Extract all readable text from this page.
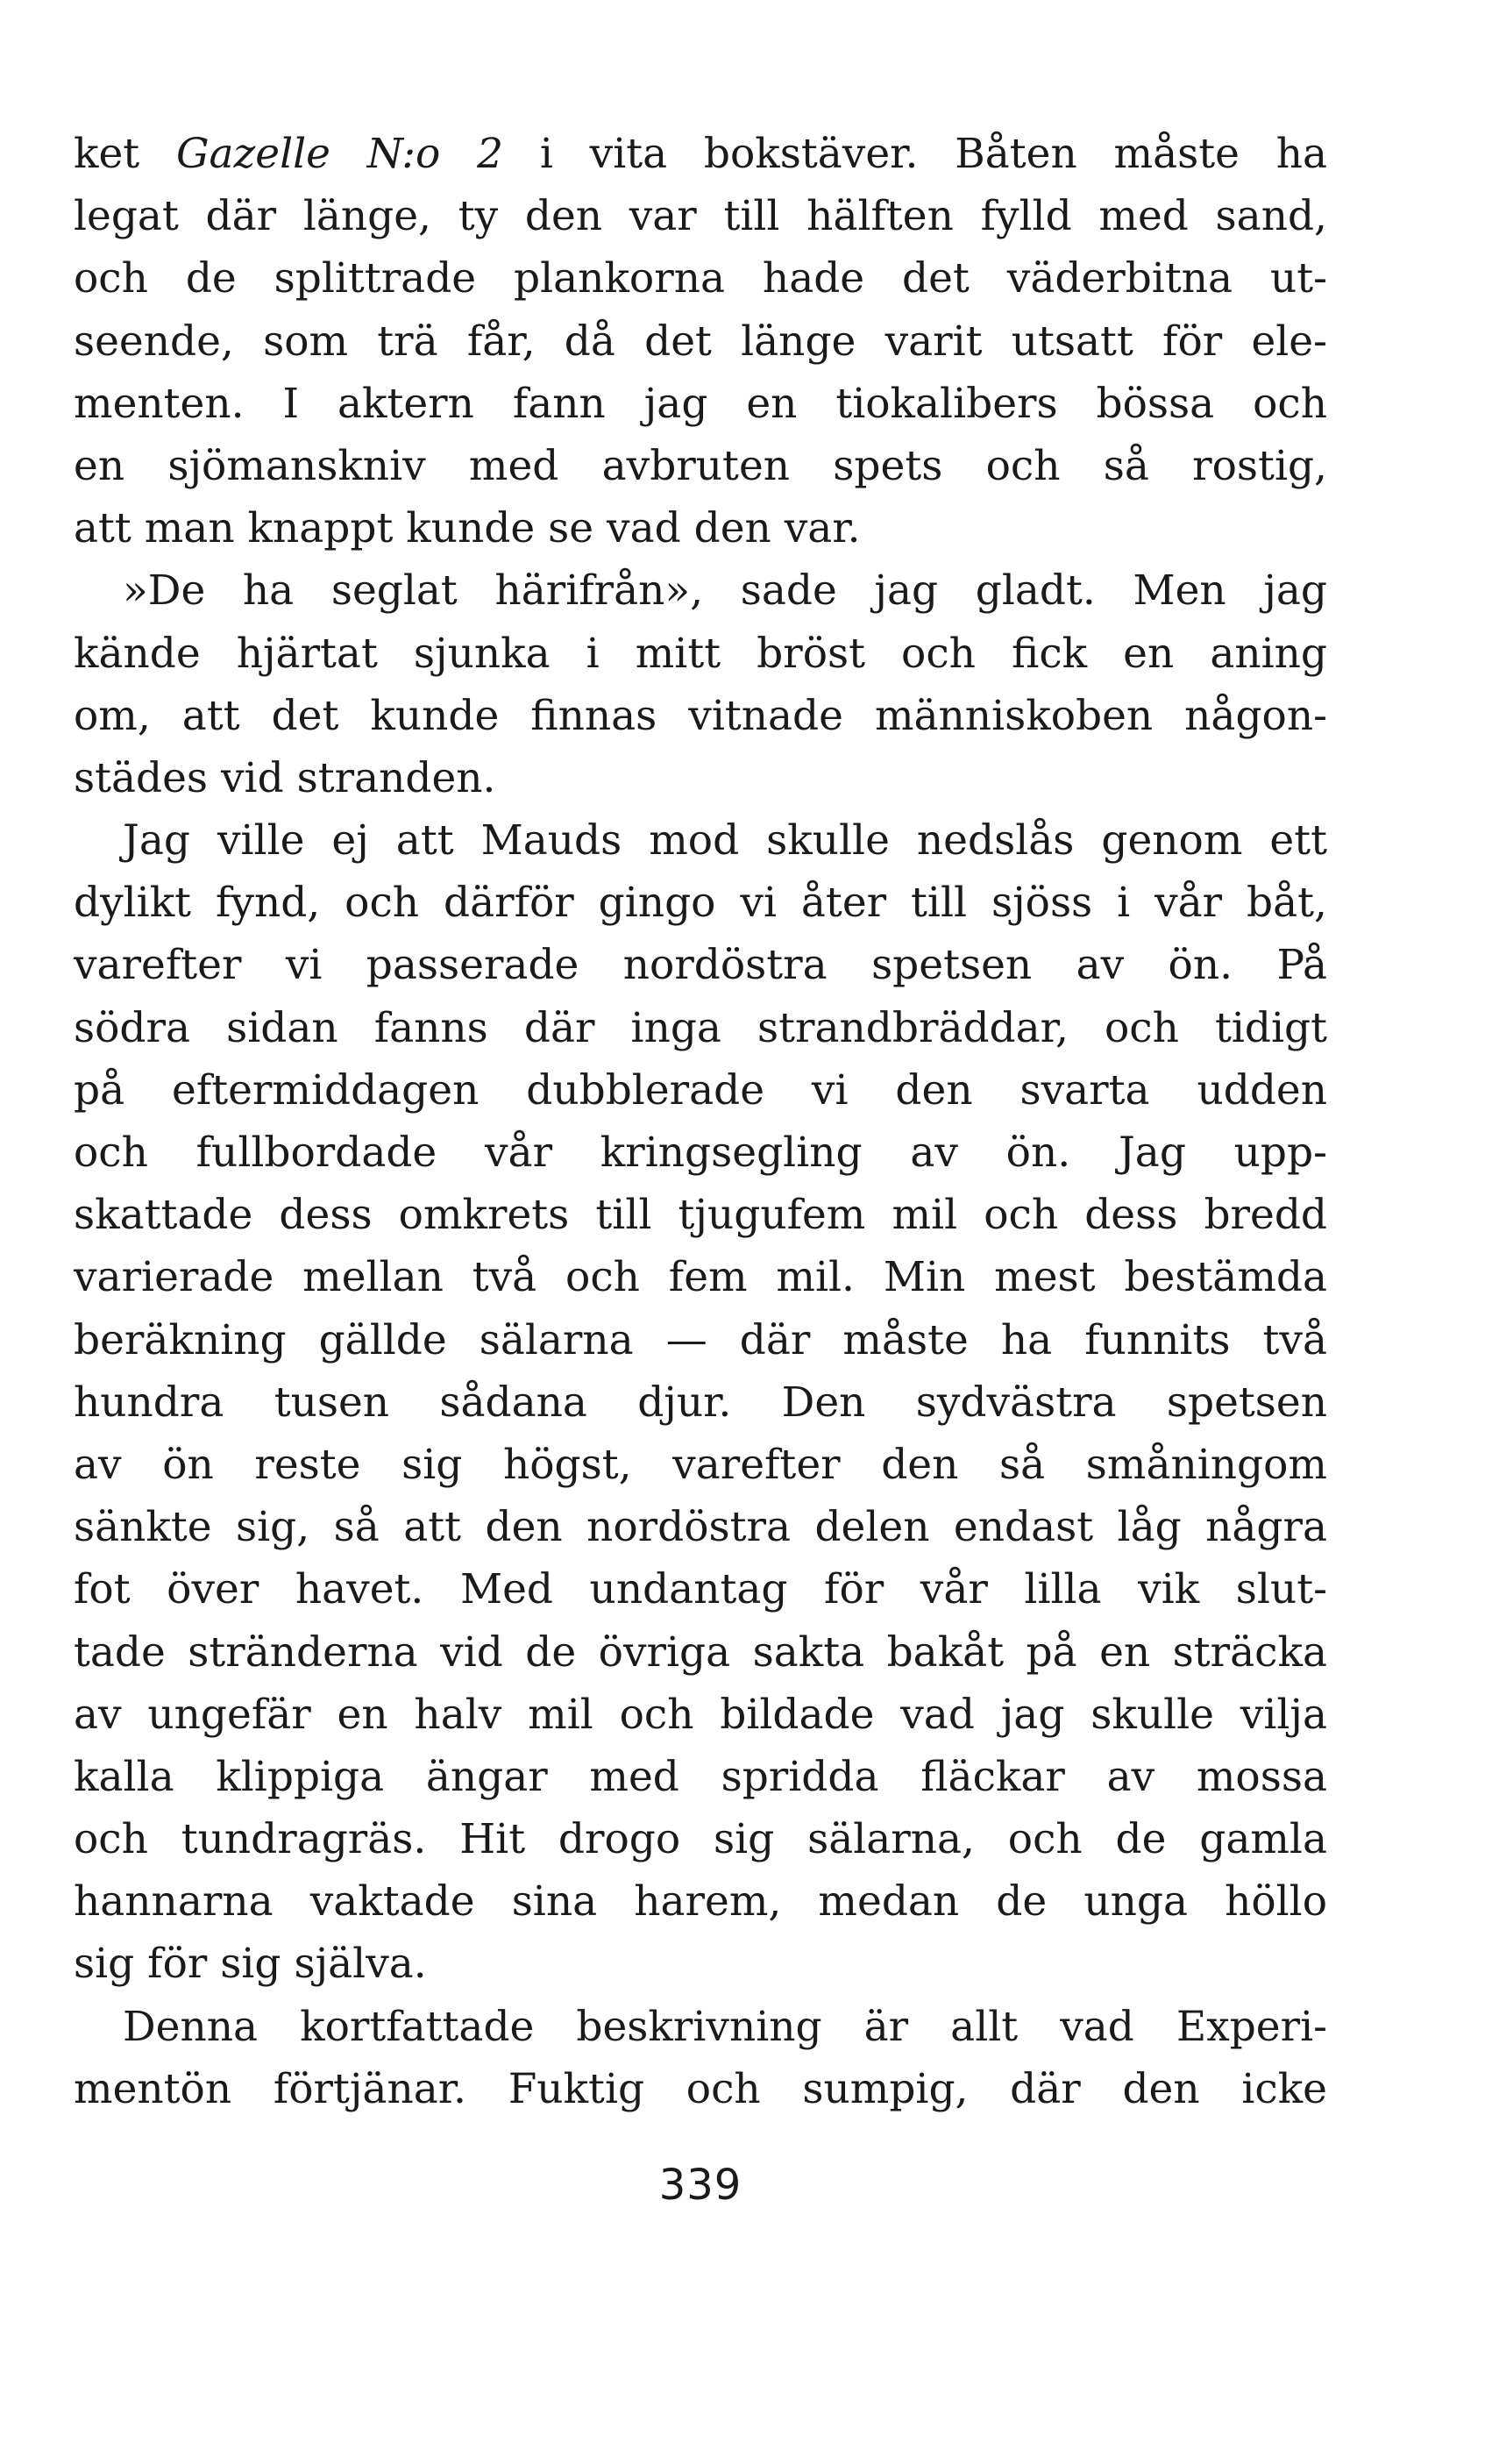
ket Gazelle N:o 2 i vita bokstäver. Båten måste ha
legat där länge, ty den var till hälften fylld med sand,
och de splittrade plankorna hade det väderbitna ut-
seende, som trä får, då det länge varit utsatt för ele-
menten. I aktern fann jag en tiokalibers bössa och
en sjömanskniv med avbruten spets och så rostig,
att man knappt kunde se vad den var.
»De ha seglat härifrån», sade jag gladt. Men jag
kände hjärtat sjunka i mitt bröst och fick en aning
om, att det kunde finnas vitnade människoben någon-
städes vid stranden.
Jag ville ej att Mauds mod skulle nedslås genom ett
dylikt fynd, och därför gingo vi åter till sjöss i vår båt,
varefter vi passerade nordöstra spetsen av ön. På
södra sidan fanns där inga strandbräddar, och tidigt
på eftermiddagen dubblerade vi den svarta udden
och fullbordade vår kringsegling av ön. Jag upp-
skattade dess omkrets till tjugufem mil och dess bredd
varierade mellan två och fem mil. Min mest bestämda
beräkning gällde sälarna — där måste ha funnits två
hundra tusen sådana djur. Den sydvästra spetsen
av ön reste sig högst, varefter den så småningom
sänkte sig, så att den nordöstra delen endast låg några
fot över havet. Med undantag för vår lilla vik slut-
tade stränderna vid de övriga sakta bakåt på en sträcka
av ungefär en halv mil och bildade vad jag skulle vilja
kalla klippiga ängar med spridda fläckar av mossa
och tundragräs. Hit drogo sig sälarna, och de gamla
hannarna vaktade sina harem, medan de unga höllo
sig för sig själva.
Denna kortfattade beskrivning är allt vad Experi-
mentön förtjänar. Fuktig och sumpig, där den icke
339
